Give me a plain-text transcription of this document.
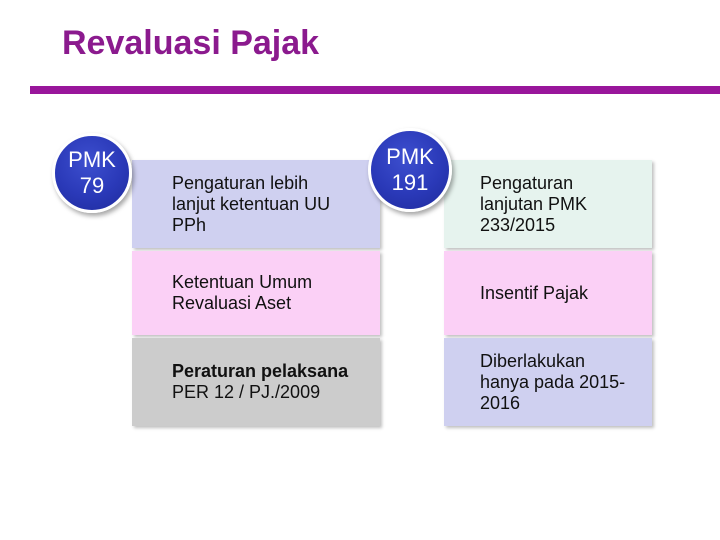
Revaluasi Pajak
Pengaturan lebih
lanjut ketentuan UU
PPh
Ketentuan Umum
Revaluasi Aset
Peraturan pelaksana
PER 12 / PJ./2009
Pengaturan
lanjutan PMK
233/2015
Insentif Pajak
Diberlakukan
hanya pada 2015-
2016
PMK
79
PMK
191
